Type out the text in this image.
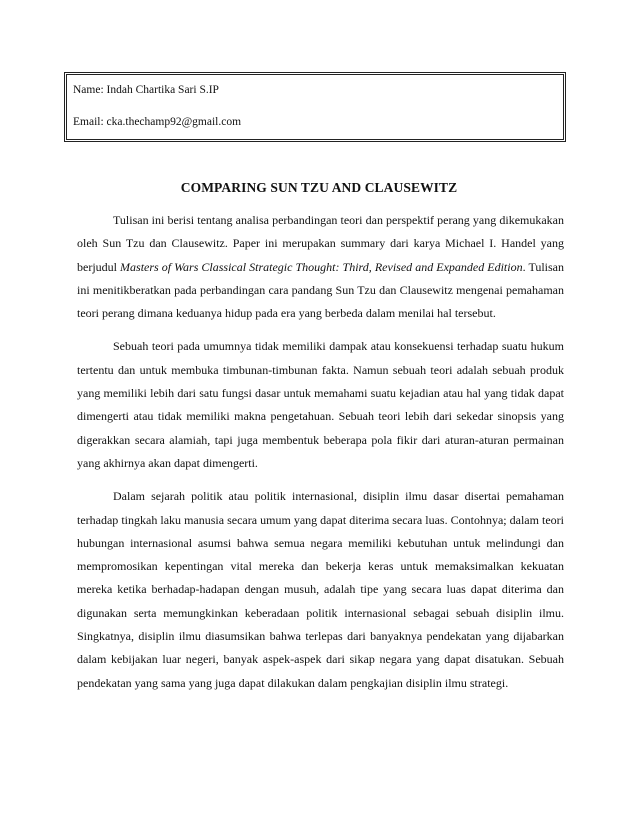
Name: Indah Chartika Sari S.IP
Email: cka.thechamp92@gmail.com
COMPARING SUN TZU AND CLAUSEWITZ

Tulisan ini berisi tentang analisa perbandingan teori dan perspektif perang yang dikemukakan oleh Sun Tzu dan Clausewitz. Paper ini merupakan summary dari karya Michael I. Handel yang berjudul Masters of Wars Classical Strategic Thought: Third, Revised and Expanded Edition. Tulisan ini menitikberatkan pada perbandingan cara pandang Sun Tzu dan Clausewitz mengenai pemahaman teori perang dimana keduanya hidup pada era yang berbeda dalam menilai hal tersebut.

Sebuah teori pada umumnya tidak memiliki dampak atau konsekuensi terhadap suatu hukum tertentu dan untuk membuka timbunan-timbunan fakta. Namun sebuah teori adalah sebuah produk yang memiliki lebih dari satu fungsi dasar untuk memahami suatu kejadian atau hal yang tidak dapat dimengerti atau tidak memiliki makna pengetahuan. Sebuah teori lebih dari sekedar sinopsis yang digerakkan secara alamiah, tapi juga membentuk beberapa pola fikir dari aturan-aturan permainan yang akhirnya akan dapat dimengerti.

Dalam sejarah politik atau politik internasional, disiplin ilmu dasar disertai pemahaman terhadap tingkah laku manusia secara umum yang dapat diterima secara luas. Contohnya; dalam teori hubungan internasional asumsi bahwa semua negara memiliki kebutuhan untuk melindungi dan mempromosikan kepentingan vital mereka dan bekerja keras untuk memaksimalkan kekuatan mereka ketika berhadap-hadapan dengan musuh, adalah tipe yang secara luas dapat diterima dan digunakan serta memungkinkan keberadaan politik internasional sebagai sebuah disiplin ilmu. Singkatnya, disiplin ilmu diasumsikan bahwa terlepas dari banyaknya pendekatan yang dijabarkan dalam kebijakan luar negeri, banyak aspek-aspek dari sikap negara yang dapat disatukan. Sebuah pendekatan yang sama yang juga dapat dilakukan dalam pengkajian disiplin ilmu strategi.
